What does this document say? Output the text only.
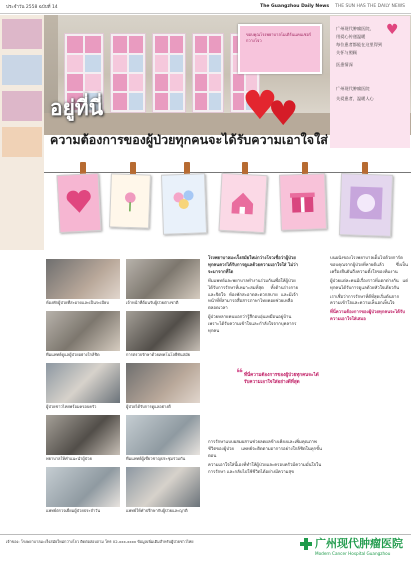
ประจำวัน 2558 ฉบับที่ 14	The Guangzhou Daily News THE SUN HAS THE DAILY NEWS
ขอบคุณโรงพยาบาลโมเดิร์นแคนเซอร์กวางโจว
♥
广州现代肿瘤医院，
用爱心传递温暖
每位患者都能在这里得到
关怀与照顾
医患情深
广州现代肿瘤医院
关爱患者，温暖人心
♥
♥
อยู่ที่นี่
ความต้องการของผู้ป่วยทุกคนจะได้รับความเอาใจใส่
ห้องพักผู้ป่วยที่สะอาดและเป็นระเบียบ
ทีมแพทย์ดูแลผู้ป่วยอย่างใกล้ชิด
ผู้ป่วยชาวไทยพร้อมครอบครัว
พยาบาลให้คำแนะนำผู้ป่วย
แพทย์ตรวจเยี่ยมผู้ป่วยประจำวัน
เจ้าหน้าที่ต้อนรับผู้ป่วยต่างชาติ
การตรวจรักษาด้วยเทคโนโลยีทันสมัย
ผู้ป่วยได้รับการดูแลอย่างดี
ทีมแพทย์ผู้เชี่ยวชาญประชุมร่วมกัน
แพทย์ให้คำปรึกษากับผู้ป่วยและญาติ

โรงพยาบาลมะเร็งสมัยใหม่กว่างโจวเชื่อว่าผู้ป่วยทุกคนควรได้รับการดูแลด้วยความเอาใจใส่ ไม่ว่าจะมาจากที่ใด

ทีมแพทย์และพยาบาลทำงานร่วมกันเพื่อให้ผู้ป่วยได้รับการรักษาที่เหมาะสมที่สุด ทั้งด้านร่างกายและจิตใจ ห้องพักสะอาดสะดวกสบาย และมีเจ้าหน้าที่ที่สามารถสื่อสารภาษาไทยคอยช่วยเหลือตลอดเวลา

ผู้ป่วยหลายคนบอกว่ารู้สึกอบอุ่นเหมือนอยู่บ้าน เพราะได้รับความเข้าใจและกำลังใจจากบุคลากรทุกคน

การรักษาแบบผสมผสานช่วยลดผลข้างเคียงและเพิ่มคุณภาพชีวิตของผู้ป่วย แพทย์จะติดตามอาการอย่างใกล้ชิดในทุกขั้นตอน

ความเอาใจใส่นี้เองที่ทำให้ผู้ป่วยและครอบครัวมีความมั่นใจในการรักษา และกลับไปใช้ชีวิตได้อย่างมีความสุข

บนผนังของโรงพยาบาลเต็มไปด้วยการ์ดขอบคุณจากผู้ป่วยที่หายดีแล้ว ซึ่งเป็นเครื่องยืนยันถึงความตั้งใจของทีมงาน

ผู้ป่วยแต่ละคนมีเรื่องราวที่แตกต่างกัน แต่ทุกคนได้รับการดูแลด้วยหัวใจเดียวกัน

เราเชื่อว่าการรักษาที่ดีที่สุดเริ่มต้นจากความเข้าใจและความเห็นอกเห็นใจ

ที่นี่ความต้องการของผู้ป่วยทุกคนจะได้รับความเอาใจใส่เสมอ

❝ ที่นี่ความต้องการของผู้ป่วยทุกคนจะได้รับความเอาใจใส่อย่างดีที่สุด
เจ้าของ: โรงพยาบาลมะเร็งสมัยใหม่กว่างโจว ติดต่อสอบถาม โทร 02-xxx-xxxx ข้อมูลเพิ่มเติมสำหรับผู้ป่วยชาวไทย	广州现代肿瘤医院
Modern Cancer Hospital Guangzhou
